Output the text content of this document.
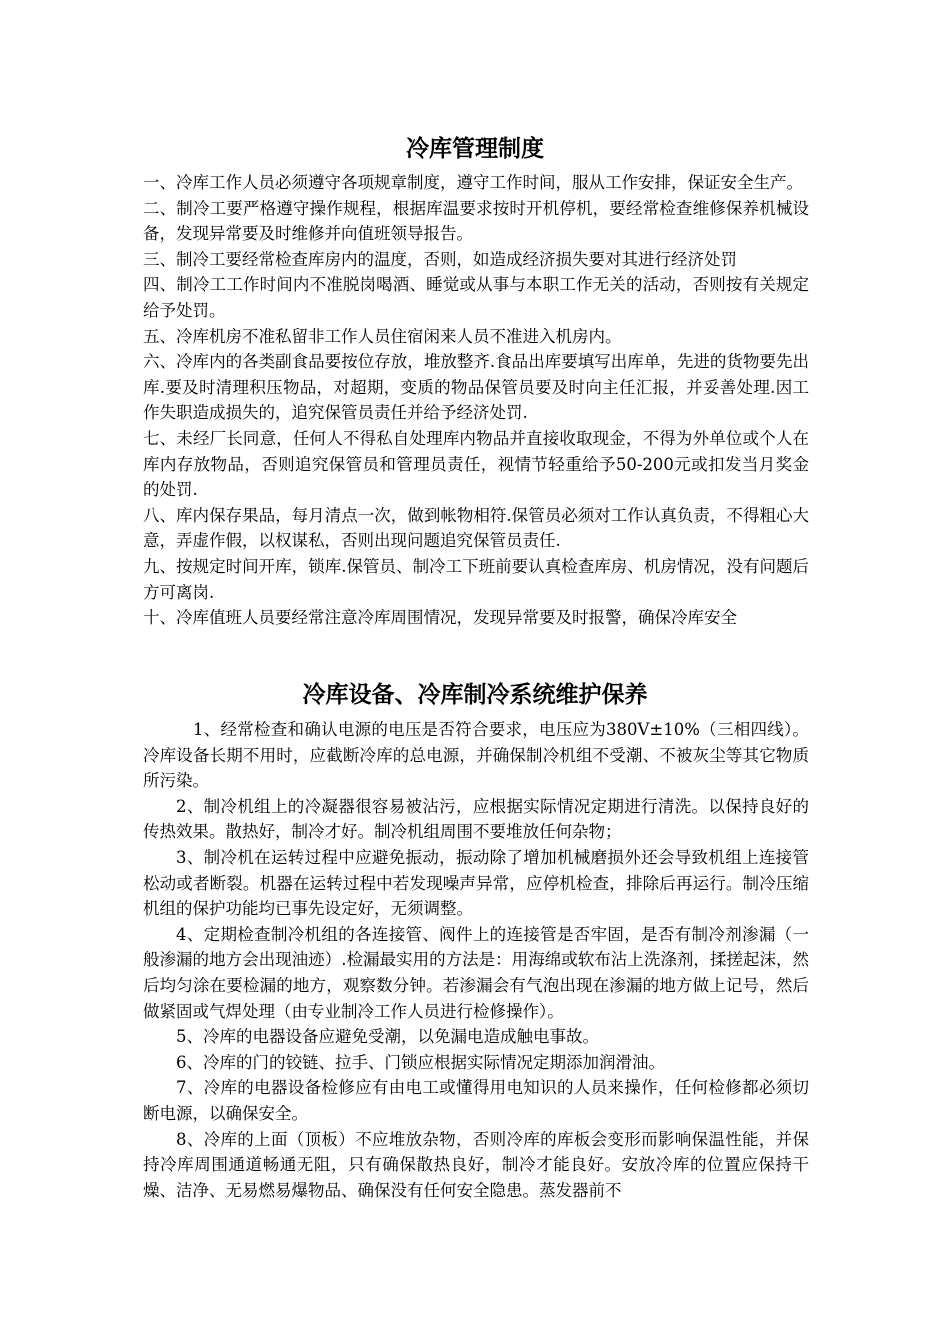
冷库管理制度

一、冷库工作人员必须遵守各项规章制度，遵守工作时间，服从工作安排，保证安全生产。

二、制冷工要严格遵守操作规程，根据库温要求按时开机停机，要经常检查维修保养机械设备，发现异常要及时维修并向值班领导报告。

三、制冷工要经常检查库房内的温度，否则，如造成经济损失要对其进行经济处罚

四、制冷工工作时间内不准脱岗喝酒、睡觉或从事与本职工作无关的活动，否则按有关规定给予处罚。

五、冷库机房不准私留非工作人员住宿闲来人员不准进入机房内。

六、冷库内的各类副食品要按位存放，堆放整齐.食品出库要填写出库单，先进的货物要先出库.要及时清理积压物品，对超期，变质的物品保管员要及时向主任汇报，并妥善处理.因工作失职造成损失的，追究保管员责任并给予经济处罚.

七、未经厂长同意，任何人不得私自处理库内物品并直接收取现金，不得为外单位或个人在库内存放物品，否则追究保管员和管理员责任，视情节轻重给予50-200元或扣发当月奖金的处罚.

八、库内保存果品，每月清点一次，做到帐物相符.保管员必须对工作认真负责，不得粗心大意，弄虚作假，以权谋私，否则出现问题追究保管员责任.

九、按规定时间开库，锁库.保管员、制冷工下班前要认真检查库房、机房情况，没有问题后方可离岗.

十、冷库值班人员要经常注意冷库周围情况，发现异常要及时报警，确保冷库安全

冷库设备、冷库制冷系统维护保养

1、经常检查和确认电源的电压是否符合要求，电压应为380V±10%（三相四线）。冷库设备长期不用时，应截断冷库的总电源，并确保制冷机组不受潮、不被灰尘等其它物质所污染。

2、制冷机组上的冷凝器很容易被沾污，应根据实际情况定期进行清洗。以保持良好的传热效果。散热好，制冷才好。制冷机组周围不要堆放任何杂物；

3、制冷机在运转过程中应避免振动，振动除了增加机械磨损外还会导致机组上连接管松动或者断裂。机器在运转过程中若发现噪声异常，应停机检查，排除后再运行。制冷压缩机组的保护功能均已事先设定好，无须调整。

4、定期检查制冷机组的各连接管、阀件上的连接管是否牢固，是否有制冷剂渗漏（一般渗漏的地方会出现油迹）.检漏最实用的方法是：用海绵或软布沾上洗涤剂，揉搓起沫，然后均匀涂在要检漏的地方，观察数分钟。若渗漏会有气泡出现在渗漏的地方做上记号，然后做紧固或气焊处理（由专业制冷工作人员进行检修操作）。

5、冷库的电器设备应避免受潮，以免漏电造成触电事故。

6、冷库的门的铰链、拉手、门锁应根据实际情况定期添加润滑油。

7、冷库的电器设备检修应有由电工或懂得用电知识的人员来操作，任何检修都必须切断电源，以确保安全。

8、冷库的上面（顶板）不应堆放杂物，否则冷库的库板会变形而影响保温性能，并保持冷库周围通道畅通无阻，只有确保散热良好，制冷才能良好。安放冷库的位置应保持干燥、洁净、无易燃易爆物品、确保没有任何安全隐患。蒸发器前不
